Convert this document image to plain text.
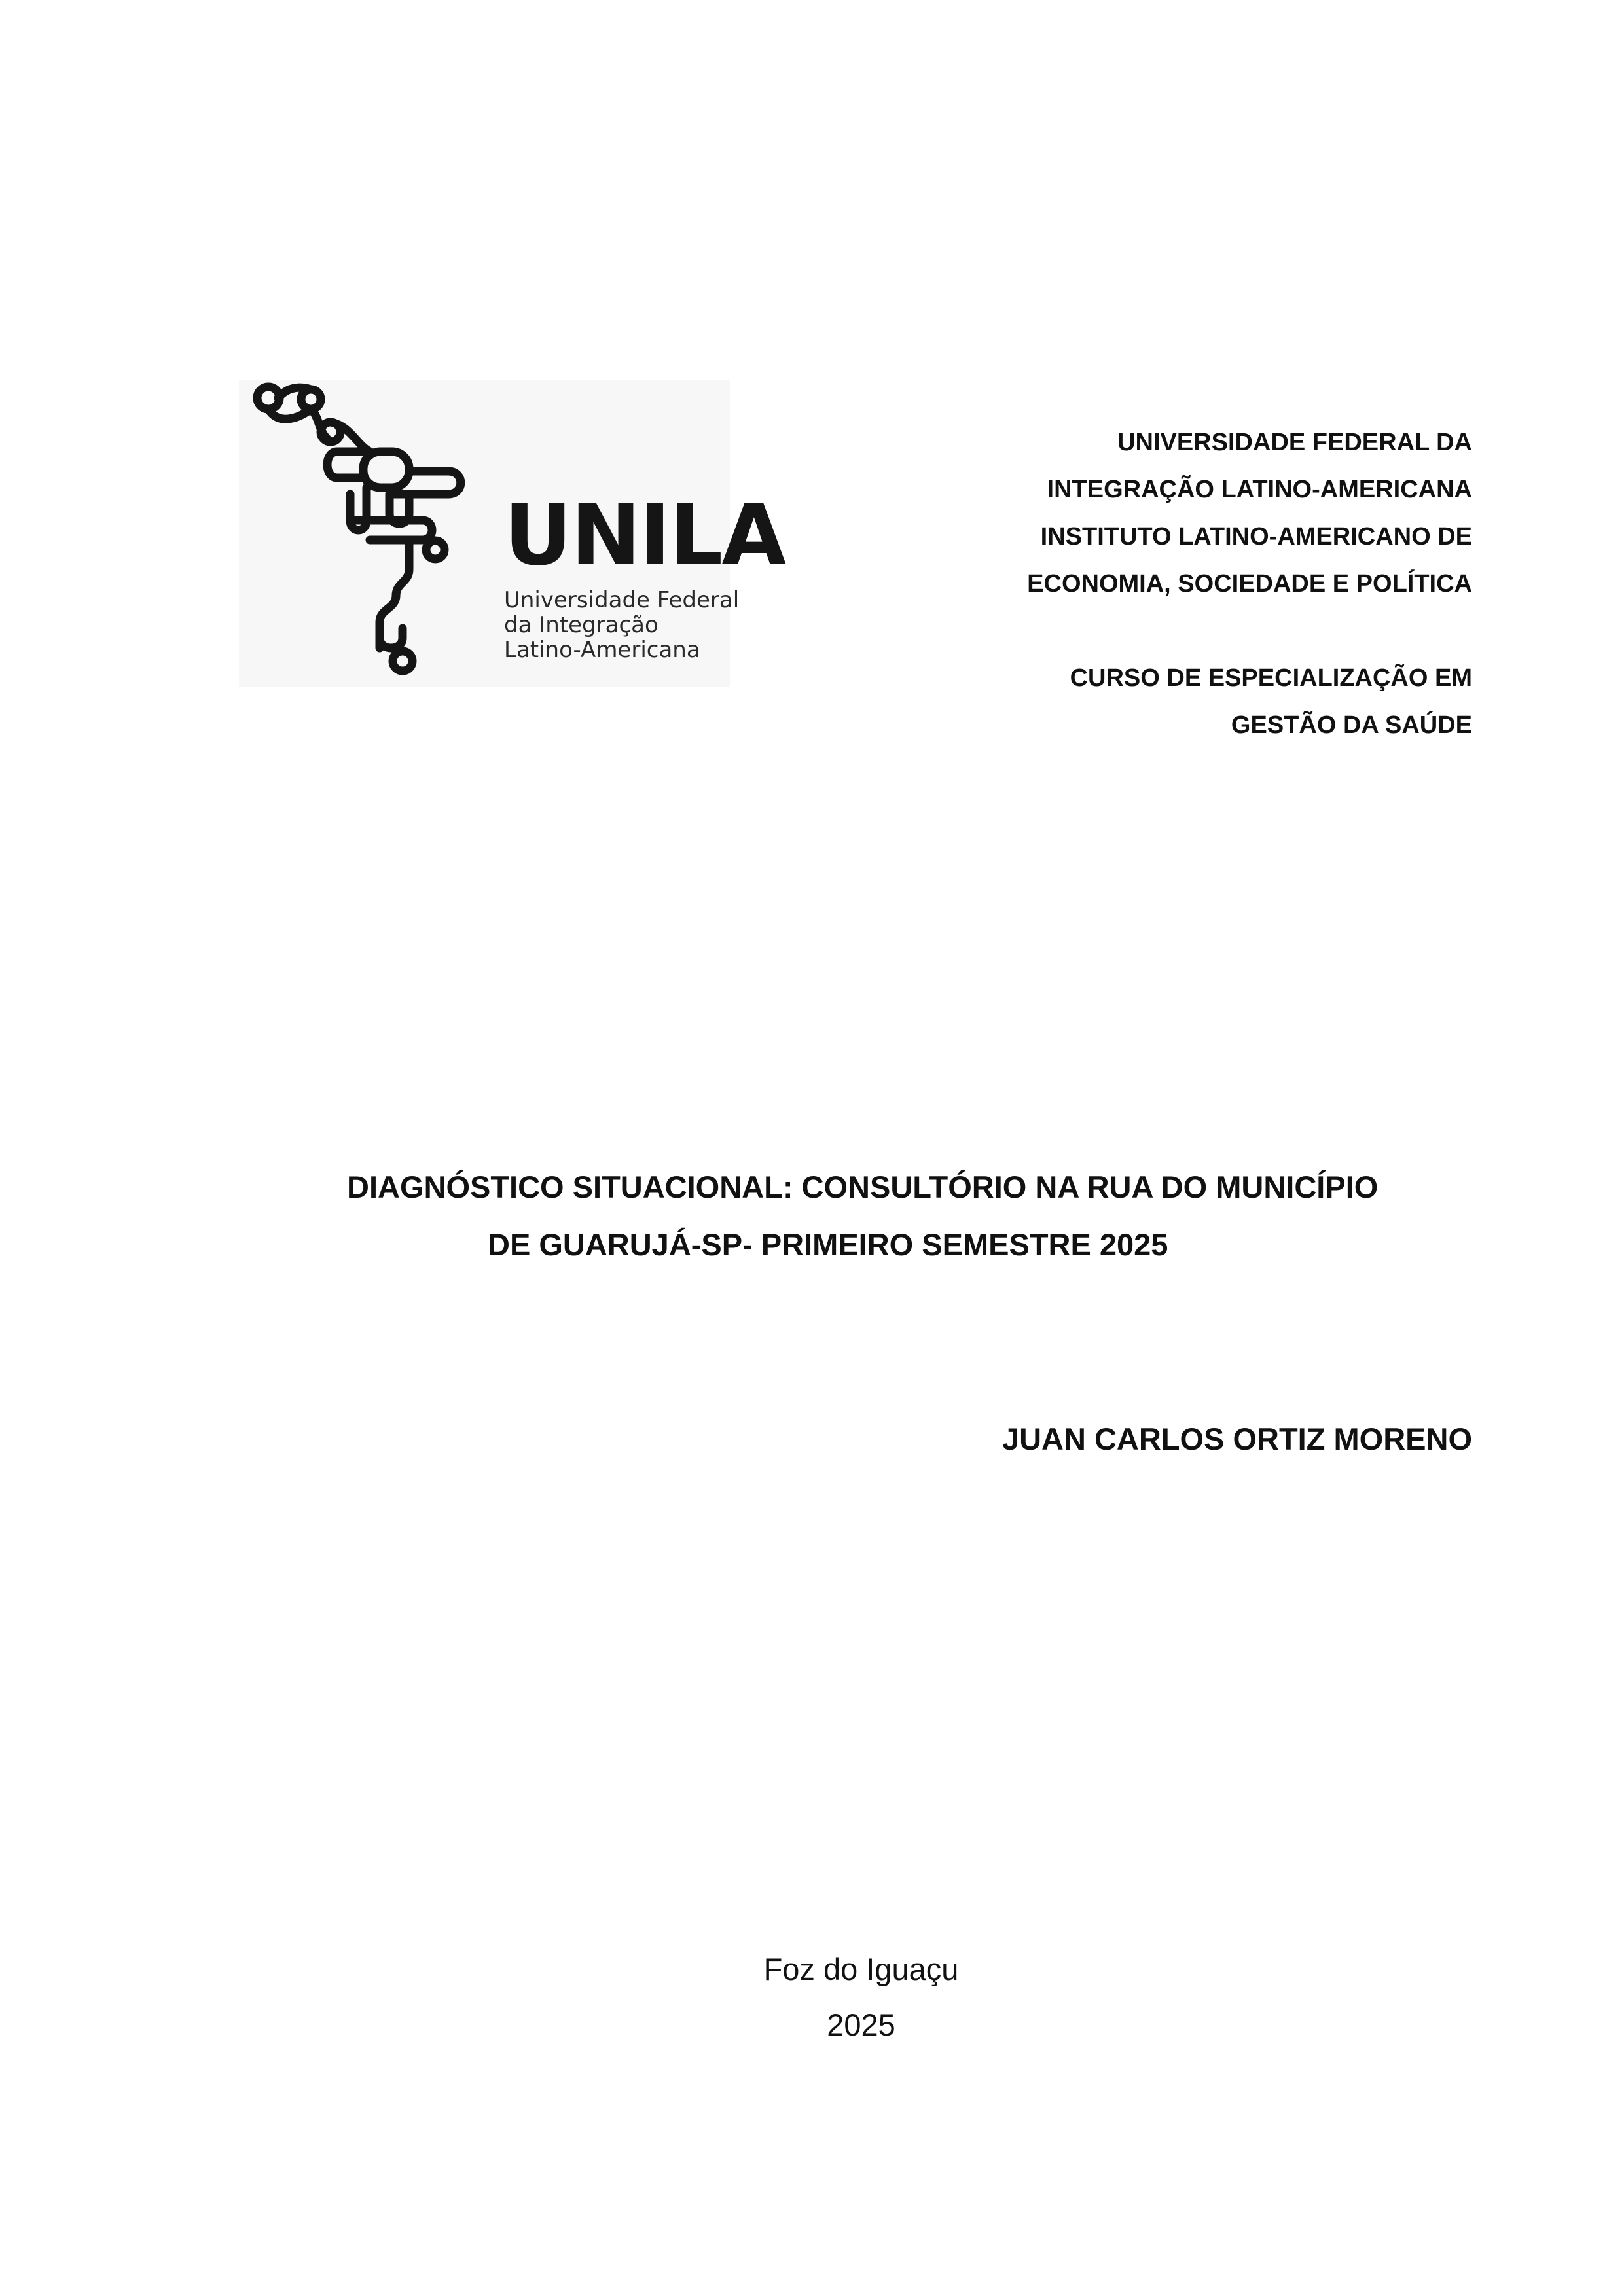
UNILA
Universidade Federal
da Integração
Latino-Americana
UNIVERSIDADE FEDERAL DA
INTEGRAÇÃO LATINO-AMERICANA
INSTITUTO LATINO-AMERICANO DE
ECONOMIA, SOCIEDADE E POLÍTICA
CURSO DE ESPECIALIZAÇÃO EM
GESTÃO DA SAÚDE
DIAGNÓSTICO SITUACIONAL: CONSULTÓRIO NA RUA DO MUNICÍPIO
DE GUARUJÁ-SP- PRIMEIRO SEMESTRE 2025
JUAN CARLOS ORTIZ MORENO
Foz do Iguaçu
2025
